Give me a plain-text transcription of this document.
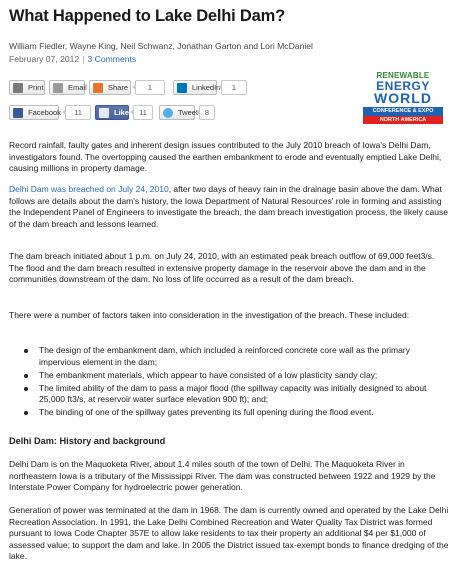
What Happened to Lake Delhi Dam?
William Fiedler, Wayne King, Neil Schwanz, Jonathan Garton and Lori McDaniel
February 07, 2012 | 3 Comments
Print	Email	Share	1	LinkedIn	1
Facebook	11	Like	11	Tweet 8
RENEWABLE
ENERGY
WORLD
CONFERENCE & EXPO
NORTH AMERICA

Record rainfall, faulty gates and inherent design issues contributed to the July 2010 breach of Iowa's Delhi Dam, investigators found. The overtopping caused the earthen embankment to erode and eventually emptied Lake Delhi, causing millions in property damage.

Delhi Dam was breached on July 24, 2010, after two days of heavy rain in the drainage basin above the dam. What follows are details about the dam's history, the Iowa Department of Natural Resources' role in forming and assisting the Independent Panel of Engineers to investigate the breach, the dam breach investigation process, the likely cause of the dam breach and lessons learned.

The dam breach initiated about 1 p.m. on July 24, 2010, with an estimated peak breach outflow of 69,000 feet3/s. The flood and the dam breach resulted in extensive property damage in the reservoir above the dam and in the communities downstream of the dam. No loss of life occurred as a result of the dam breach.

There were a number of factors taken into consideration in the investigation of the breach. These included:

The design of the embankment dam, which included a reinforced concrete core wall as the primary impervious element in the dam;
The embankment materials, which appear to have consisted of a low plasticity sandy clay;
The limited ability of the dam to pass a major flood (the spillway capacity was initially designed to about 25,000 ft3/s, at reservoir water surface elevation 900 ft); and;
The binding of one of the spillway gates preventing its full opening during the flood event.
Delhi Dam: History and background

Delhi Dam is on the Maquoketa River, about 1.4 miles south of the town of Delhi. The Maquoketa River in northeastern Iowa is a tributary of the Mississippi River. The dam was constructed between 1922 and 1929 by the Interstate Power Company for hydroelectric power generation.

Generation of power was terminated at the dam in 1968. The dam is currently owned and operated by the Lake Delhi Recreation Association. In 1991, the Lake Delhi Combined Recreation and Water Quality Tax District was formed pursuant to Iowa Code Chapter 357E to allow lake residents to tax their property an additional $4 per $1,000 of assessed value; to support the dam and lake. In 2005 the District issued tax-exempt bonds to finance dredging of the lake.
